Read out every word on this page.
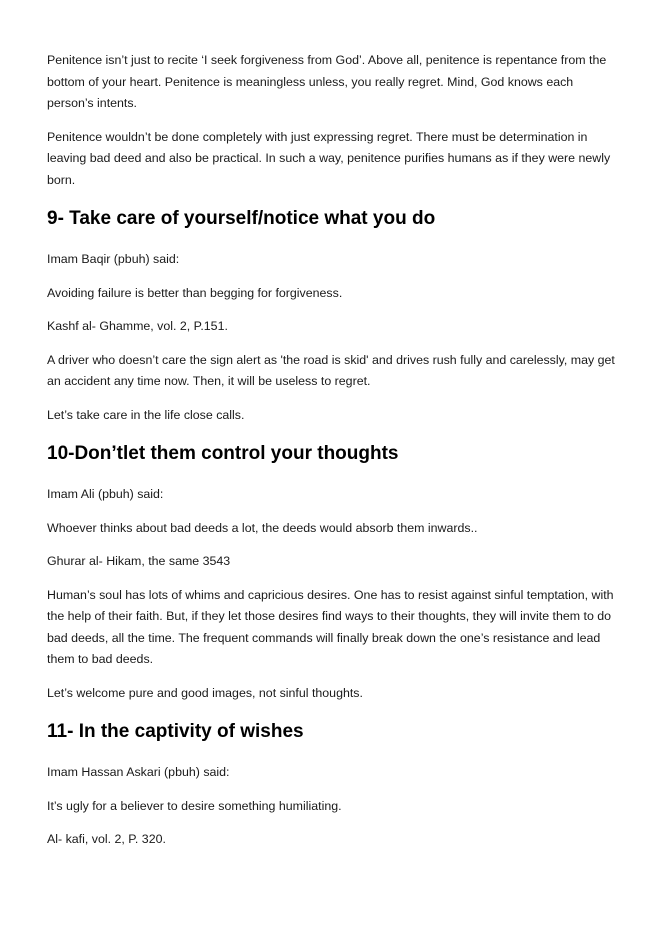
Penitence isn’t just to recite ‘I seek forgiveness from God’. Above all, penitence is repentance from the bottom of your heart. Penitence is meaningless unless, you really regret. Mind, God knows each person’s intents.

Penitence wouldn’t be done completely with just expressing regret. There must be determination in leaving bad deed and also be practical. In such a way, penitence purifies humans as if they were newly born.

9- Take care of yourself/notice what you do

Imam Baqir (pbuh) said:

Avoiding failure is better than begging for forgiveness.

Kashf al- Ghamme, vol. 2, P.151.

A driver who doesn’t care the sign alert as 'the road is skid' and drives rush fully and carelessly, may get an accident any time now. Then, it will be useless to regret.

Let’s take care in the life close calls.

10-Don’tlet them control your thoughts

Imam Ali (pbuh) said:

Whoever thinks about bad deeds a lot, the deeds would absorb them inwards..

Ghurar al- Hikam, the same 3543

Human’s soul has lots of whims and capricious desires. One has to resist against sinful temptation, with the help of their faith. But, if they let those desires find ways to their thoughts, they will invite them to do bad deeds, all the time. The frequent commands will finally break down the one’s resistance and lead them to bad deeds.

Let’s welcome pure and good images, not sinful thoughts.

11- In the captivity of wishes

Imam Hassan Askari (pbuh) said:

It’s ugly for a believer to desire something humiliating.

Al- kafi, vol. 2, P. 320.
